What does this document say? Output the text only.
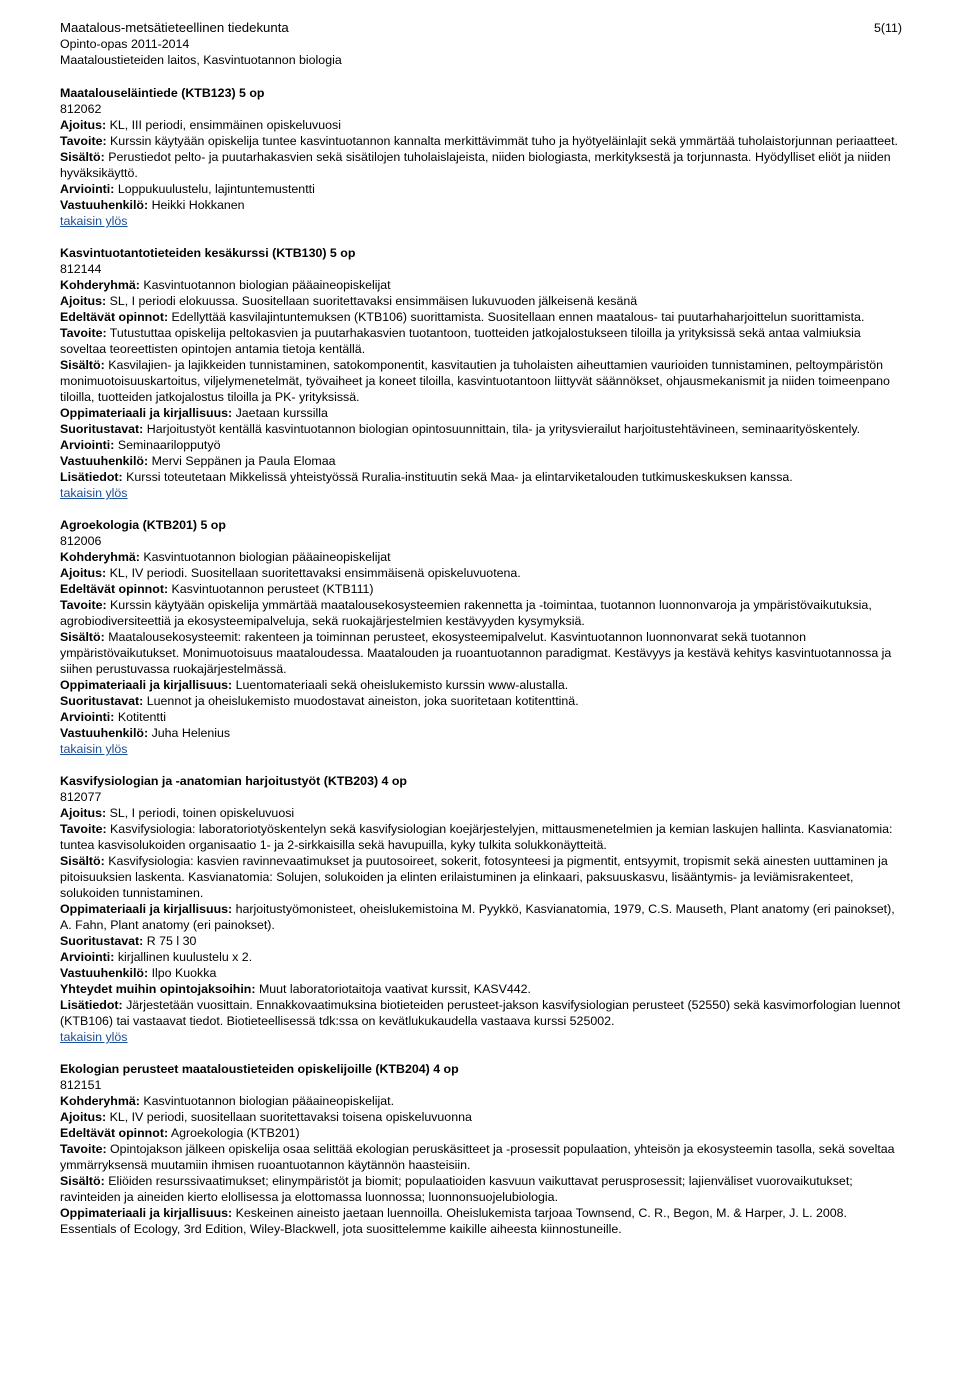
Maatalous-metsätieteellinen tiedekunta
Opinto-opas 2011-2014
Maataloustieteiden laitos, Kasvintuotannon biologia
5(11)
Maatalouseläintiede (KTB123) 5 op
812062
Ajoitus: KL, III periodi, ensimmäinen opiskeluvuosi
Tavoite: Kurssin käytyään opiskelija tuntee kasvintuotannon kannalta merkittävimmät tuho ja hyötyeläinlajit sekä ymmärtää tuholaistorjunnan periaatteet.
Sisältö: Perustiedot pelto- ja puutarhakasvien sekä sisätilojen tuholaislajeista, niiden biologiasta, merkityksestä ja torjunnasta. Hyödylliset eliöt ja niiden hyväksikäyttö.
Arviointi: Loppukuulustelu, lajintuntemustentti
Vastuuhenkilö: Heikki Hokkanen
takaisin ylös
Kasvintuotantotieteiden kesäkurssi (KTB130) 5 op
812144
Kohderyhmä: Kasvintuotannon biologian pääaineopiskelijat
Ajoitus: SL, I periodi elokuussa. Suositellaan suoritettavaksi ensimmäisen lukuvuoden jälkeisenä kesänä
Edeltävät opinnot: Edellyttää kasvilajintuntemuksen (KTB106) suorittamista. Suositellaan ennen maatalous- tai puutarhaharjoittelun suorittamista.
Tavoite: Tutustuttaa opiskelija peltokasvien ja puutarhakasvien tuotantoon, tuotteiden jatkojalostukseen tiloilla ja yrityksissä sekä antaa valmiuksia soveltaa teoreettisten opintojen antamia tietoja kentällä.
Sisältö: Kasvilajien- ja lajikkeiden tunnistaminen, satokomponentit, kasvitautien ja tuholaisten aiheuttamien vaurioiden tunnistaminen, peltoympäristön monimuotoisuuskartoitus, viljelymenetelmät, työvaiheet ja koneet tiloilla, kasvintuotantoon liittyvät säännökset, ohjausmekanismit ja niiden toimeenpano tiloilla, tuotteiden jatkojalostus tiloilla ja PK- yrityksissä.
Oppimateriaali ja kirjallisuus: Jaetaan kurssilla
Suoritustavat: Harjoitustyöt kentällä kasvintuotannon biologian opintosuunnittain, tila- ja yritysvierailut harjoitustehtävineen, seminaarityöskentely.
Arviointi: Seminaarilopputyö
Vastuuhenkilö: Mervi Seppänen ja Paula Elomaa
Lisätiedot: Kurssi toteutetaan Mikkelissä yhteistyössä Ruralia-instituutin sekä Maa- ja elintarviketalouden tutkimuskeskuksen kanssa.
takaisin ylös
Agroekologia (KTB201) 5 op
812006
Kohderyhmä: Kasvintuotannon biologian pääaineopiskelijat
Ajoitus: KL, IV periodi. Suositellaan suoritettavaksi ensimmäisenä opiskeluvuotena.
Edeltävät opinnot: Kasvintuotannon perusteet (KTB111)
Tavoite: Kurssin käytyään opiskelija ymmärtää maatalousekosysteemien rakennetta ja -toimintaa, tuotannon luonnonvaroja ja ympäristövaikutuksia, agrobiodiversiteettiä ja ekosysteemipalveluja, sekä ruokajärjestelmien kestävyyden kysymyksiä.
Sisältö: Maatalousekosysteemit: rakenteen ja toiminnan perusteet, ekosysteemipalvelut. Kasvintuotannon luonnonvarat sekä tuotannon ympäristövaikutukset. Monimuotoisuus maataloudessa. Maatalouden ja ruoantuotannon paradigmat. Kestävyys ja kestävä kehitys kasvintuotannossa ja siihen perustuvassa ruokajärjestelmässä.
Oppimateriaali ja kirjallisuus: Luentomateriaali sekä oheislukemisto kurssin www-alustalla.
Suoritustavat: Luennot ja oheislukemisto muodostavat aineiston, joka suoritetaan kotitenttinä.
Arviointi: Kotitentti
Vastuuhenkilö: Juha Helenius
takaisin ylös
Kasvifysiologian ja -anatomian harjoitustyöt (KTB203) 4 op
812077
Ajoitus: SL, I periodi, toinen opiskeluvuosi
Tavoite: Kasvifysiologia: laboratoriotyöskentelyn sekä kasvifysiologian koejärjestelyjen, mittausmenetelmien ja kemian laskujen hallinta. Kasvianatomia: tuntea kasvisolukoiden organisaatio 1- ja 2-sirkkaisilla sekä havupuilla, kyky tulkita solukkonäytteitä.
Sisältö: Kasvifysiologia: kasvien ravinnevaatimukset ja puutosoireet, sokerit, fotosynteesi ja pigmentit, entsyymit, tropismit sekä ainesten uuttaminen ja pitoisuuksien laskenta. Kasvianatomia: Solujen, solukoiden ja elinten erilaistuminen ja elinkaari, paksuuskasvu, lisääntymis- ja leviämisrakenteet, solukoiden tunnistaminen.
Oppimateriaali ja kirjallisuus: harjoitustyömonisteet, oheislukemistoina M. Pyykkö, Kasvianatomia, 1979, C.S. Mauseth, Plant anatomy (eri painokset), A. Fahn, Plant anatomy (eri painokset).
Suoritustavat: R 75 l 30
Arviointi: kirjallinen kuulustelu x 2.
Vastuuhenkilö: Ilpo Kuokka
Yhteydet muihin opintojaksoihin: Muut laboratoriotaitoja vaativat kurssit, KASV442.
Lisätiedot: Järjestetään vuosittain. Ennakkovaatimuksina biotieteiden perusteet-jakson kasvifysiologian perusteet (52550) sekä kasvimorfologian luennot (KTB106) tai vastaavat tiedot. Biotieteellisessä tdk:ssa on kevätlukukaudella vastaava kurssi 525002.
takaisin ylös
Ekologian perusteet maataloustieteiden opiskelijoille (KTB204) 4 op
812151
Kohderyhmä: Kasvintuotannon biologian pääaineopiskelijat.
Ajoitus: KL, IV periodi, suositellaan suoritettavaksi toisena opiskeluvuonna
Edeltävät opinnot: Agroekologia (KTB201)
Tavoite: Opintojakson jälkeen opiskelija osaa selittää ekologian peruskäsitteet ja -prosessit populaation, yhteisön ja ekosysteemin tasolla, sekä soveltaa ymmärryksensä muutamiin ihmisen ruoantuotannon käytännön haasteisiin.
Sisältö: Eliöiden resurssivaatimukset; elinympäristöt ja biomit; populaatioiden kasvuun vaikuttavat perusprosessit; lajienväliset vuorovaikutukset; ravinteiden ja aineiden kierto elollisessa ja elottomassa luonnossa; luonnonsuojelubiologia.
Oppimateriaali ja kirjallisuus: Keskeinen aineisto jaetaan luennoilla. Oheislukemista tarjoaa Townsend, C. R., Begon, M. & Harper, J. L. 2008. Essentials of Ecology, 3rd Edition, Wiley-Blackwell, jota suosittelemme kaikille aiheesta kiinnostuneille.
